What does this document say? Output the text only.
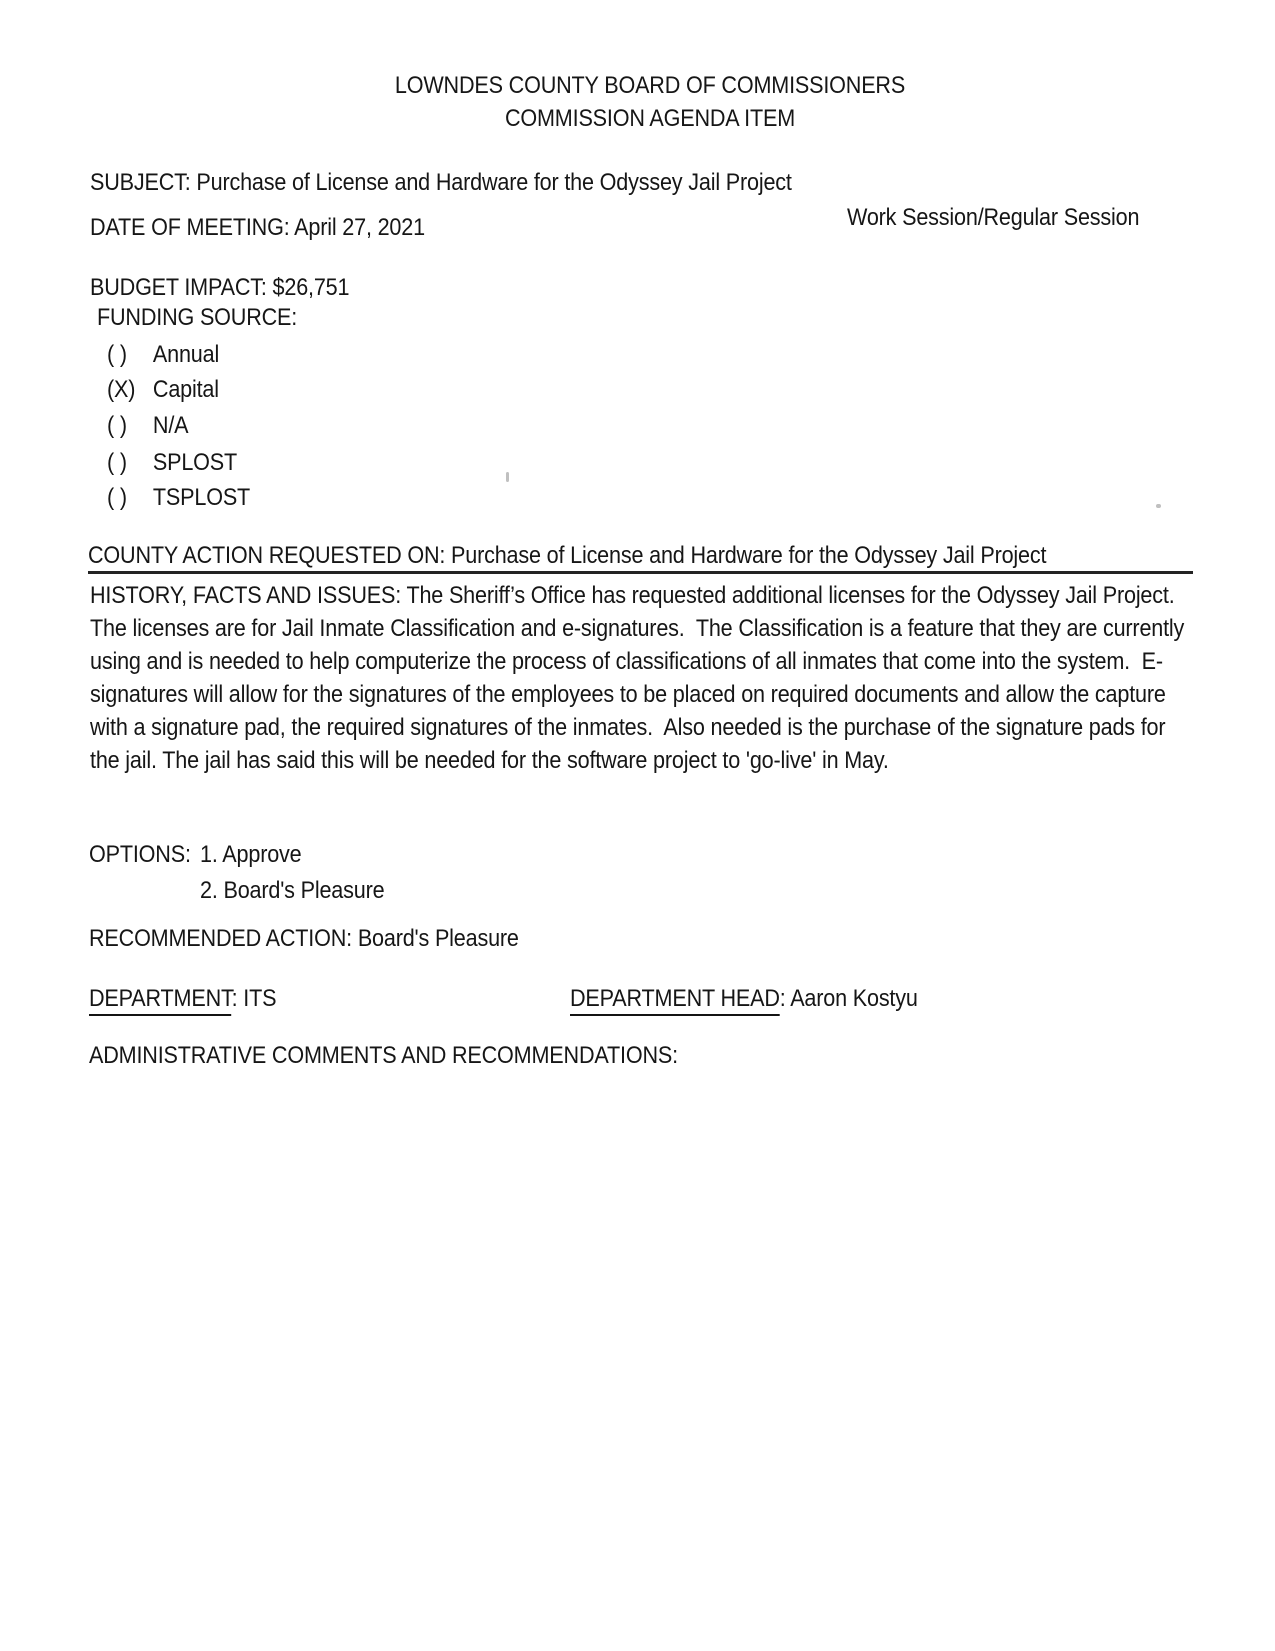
LOWNDES COUNTY BOARD OF COMMISSIONERS
COMMISSION AGENDA ITEM
SUBJECT: Purchase of License and Hardware for the Odyssey Jail Project
Work Session/Regular Session
DATE OF MEETING: April 27, 2021
BUDGET IMPACT: $26,751
FUNDING SOURCE:
( ) Annual
(X) Capital
( ) N/A
( ) SPLOST
( ) TSPLOST
COUNTY ACTION REQUESTED ON: Purchase of License and Hardware for the Odyssey Jail Project
HISTORY, FACTS AND ISSUES: The Sheriff’s Office has requested additional licenses for the Odyssey Jail Project.  The licenses are for Jail Inmate Classification and e-signatures.  The Classification is a feature that they are currently using and is needed to help computerize the process of classifications of all inmates that come into the system.  E-signatures will allow for the signatures of the employees to be placed on required documents and allow the capture with a signature pad, the required signatures of the inmates.  Also needed is the purchase of the signature pads for the jail. The jail has said this will be needed for the software project to 'go-live' in May.
OPTIONS: 1. Approve
2. Board's Pleasure
RECOMMENDED ACTION: Board's Pleasure
DEPARTMENT: ITS	DEPARTMENT HEAD: Aaron Kostyu
ADMINISTRATIVE COMMENTS AND RECOMMENDATIONS:
